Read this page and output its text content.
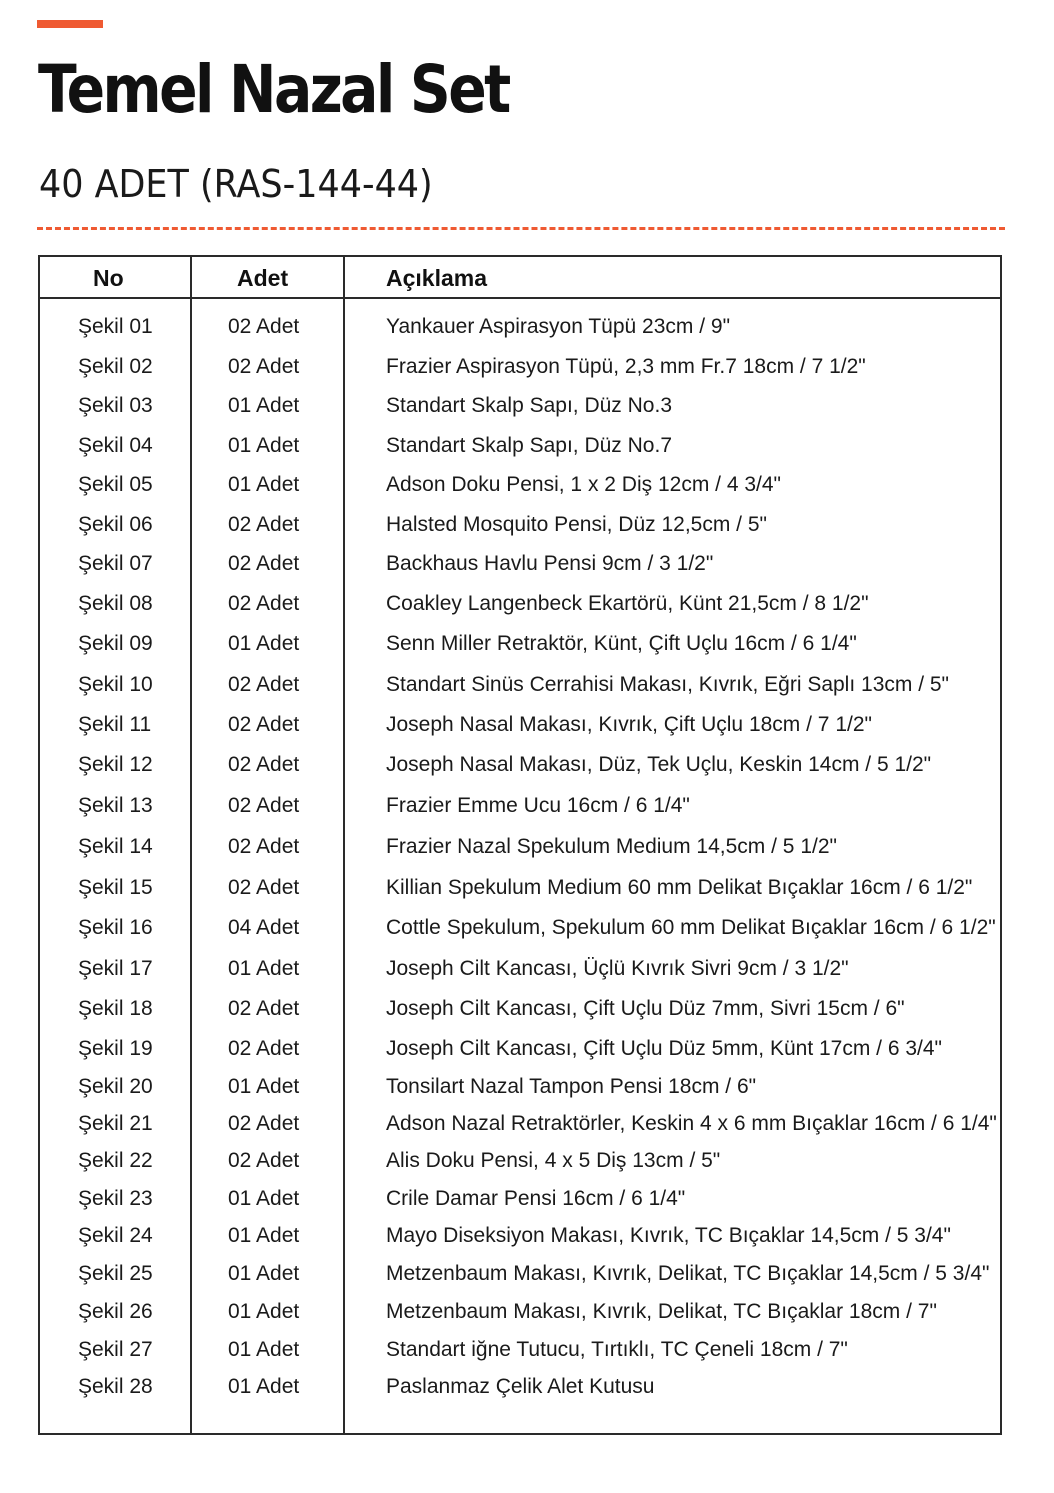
Temel Nazal Set
40 ADET (RAS-144-44)
No	Adet	Açıklama
Şekil 01	02 Adet	Yankauer Aspirasyon Tüpü 23cm / 9"
Şekil 02	02 Adet	Frazier Aspirasyon Tüpü, 2,3 mm Fr.7 18cm / 7 1/2"
Şekil 03	01 Adet	Standart Skalp Sapı, Düz No.3
Şekil 04	01 Adet	Standart Skalp Sapı, Düz No.7
Şekil 05	01 Adet	Adson Doku Pensi, 1 x 2 Diş 12cm / 4 3/4"
Şekil 06	02 Adet	Halsted Mosquito Pensi, Düz 12,5cm / 5"
Şekil 07	02 Adet	Backhaus Havlu Pensi 9cm / 3 1/2"
Şekil 08	02 Adet	Coakley Langenbeck Ekartörü, Künt 21,5cm / 8 1/2"
Şekil 09	01 Adet	Senn Miller Retraktör, Künt, Çift Uçlu 16cm / 6 1/4"
Şekil 10	02 Adet	Standart Sinüs Cerrahisi Makası, Kıvrık, Eğri Saplı 13cm / 5"
Şekil 11	02 Adet	Joseph Nasal Makası, Kıvrık, Çift Uçlu 18cm / 7 1/2"
Şekil 12	02 Adet	Joseph Nasal Makası, Düz, Tek Uçlu, Keskin 14cm / 5 1/2"
Şekil 13	02 Adet	Frazier Emme Ucu 16cm / 6 1/4"
Şekil 14	02 Adet	Frazier Nazal Spekulum Medium 14,5cm / 5 1/2"
Şekil 15	02 Adet	Killian Spekulum Medium 60 mm Delikat Bıçaklar 16cm / 6 1/2"
Şekil 16	04 Adet	Cottle Spekulum, Spekulum 60 mm Delikat Bıçaklar 16cm / 6 1/2"
Şekil 17	01 Adet	Joseph Cilt Kancası, Üçlü Kıvrık Sivri 9cm / 3 1/2"
Şekil 18	02 Adet	Joseph Cilt Kancası, Çift Uçlu Düz 7mm, Sivri 15cm / 6"
Şekil 19	02 Adet	Joseph Cilt Kancası, Çift Uçlu Düz 5mm, Künt 17cm / 6 3/4"
Şekil 20	01 Adet	Tonsilart Nazal Tampon Pensi 18cm / 6"
Şekil 21	02 Adet	Adson Nazal Retraktörler, Keskin 4 x 6 mm Bıçaklar 16cm / 6 1/4"
Şekil 22	02 Adet	Alis Doku Pensi, 4 x 5 Diş 13cm / 5"
Şekil 23	01 Adet	Crile Damar Pensi 16cm / 6 1/4"
Şekil 24	01 Adet	Mayo Diseksiyon Makası, Kıvrık, TC Bıçaklar 14,5cm / 5 3/4"
Şekil 25	01 Adet	Metzenbaum Makası, Kıvrık, Delikat, TC Bıçaklar 14,5cm / 5 3/4"
Şekil 26	01 Adet	Metzenbaum Makası, Kıvrık, Delikat, TC Bıçaklar 18cm / 7"
Şekil 27	01 Adet	Standart iğne Tutucu, Tırtıklı, TC Çeneli 18cm / 7"
Şekil 28	01 Adet	Paslanmaz Çelik Alet Kutusu
